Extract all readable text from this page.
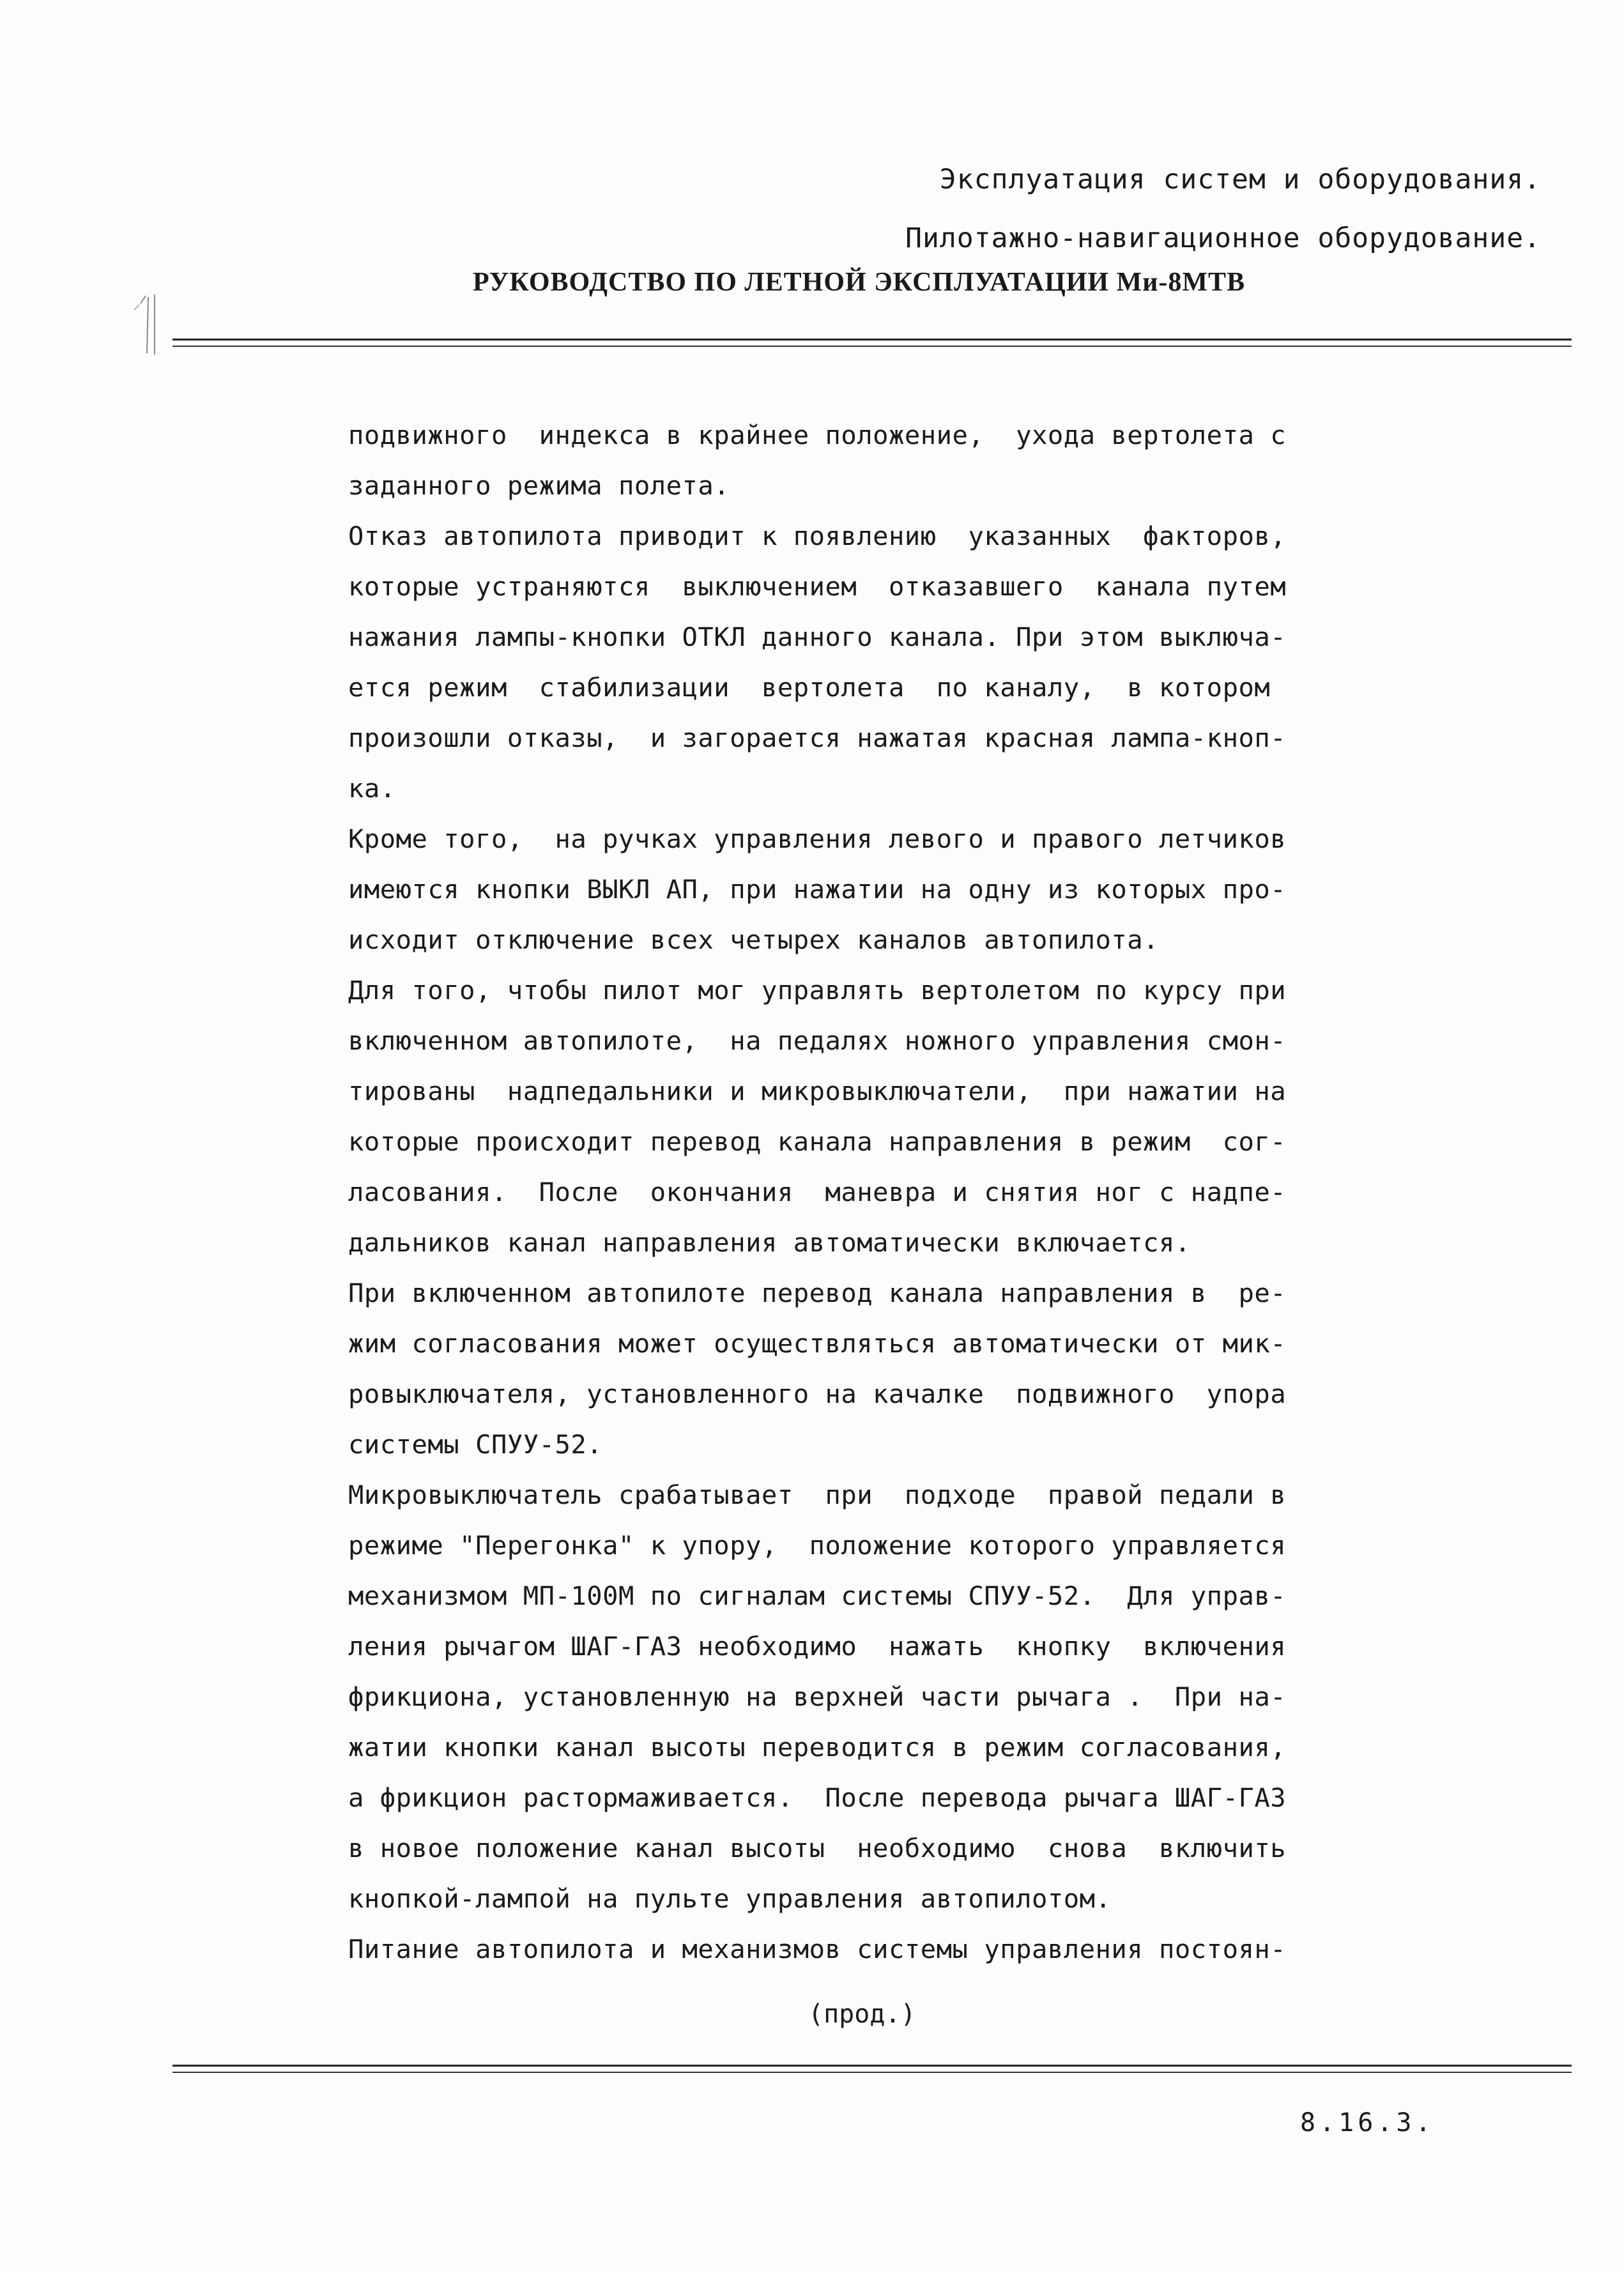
Эксплуатация систем и оборудования.
Пилотажно-навигационное оборудование.
РУКОВОДСТВО ПО ЛЕТНОЙ ЭКСПЛУАТАЦИИ Ми-8МТВ
подвижного  индекса в крайнее положение,  ухода вертолета с
заданного режима полета.
Отказ автопилота приводит к появлению  указанных  факторов,
которые устраняются  выключением  отказавшего  канала путем
нажания лампы-кнопки ОТКЛ данного канала. При этом выключа-
ется режим  стабилизации  вертолета  по каналу,  в котором
произошли отказы,  и загорается нажатая красная лампа-кноп-
ка.
Кроме того,  на ручках управления левого и правого летчиков
имеются кнопки ВЫКЛ АП, при нажатии на одну из которых про-
исходит отключение всех четырех каналов автопилота.
Для того, чтобы пилот мог управлять вертолетом по курсу при
включенном автопилоте,  на педалях ножного управления смон-
тированы  надпедальники и микровыключатели,  при нажатии на
которые происходит перевод канала направления в режим  сог-
ласования.  После  окончания  маневра и снятия ног с надпе-
дальников канал направления автоматически включается.
При включенном автопилоте перевод канала направления в  ре-
жим согласования может осуществляться автоматически от мик-
ровыключателя, установленного на качалке  подвижного  упора
системы СПУУ-52.
Микровыключатель срабатывает  при  подходе  правой педали в
режиме "Перегонка" к упору,  положение которого управляется
механизмом МП-100М по сигналам системы СПУУ-52.  Для управ-
ления рычагом ШАГ-ГАЗ необходимо  нажать  кнопку  включения
фрикциона, установленную на верхней части рычага .  При на-
жатии кнопки канал высоты переводится в режим согласования,
а фрикцион растормаживается.  После перевода рычага ШАГ-ГАЗ
в новое положение канал высоты  необходимо  снова  включить
кнопкой-лампой на пульте управления автопилотом.
Питание автопилота и механизмов системы управления постоян-
(прод.)
8.16.3.
